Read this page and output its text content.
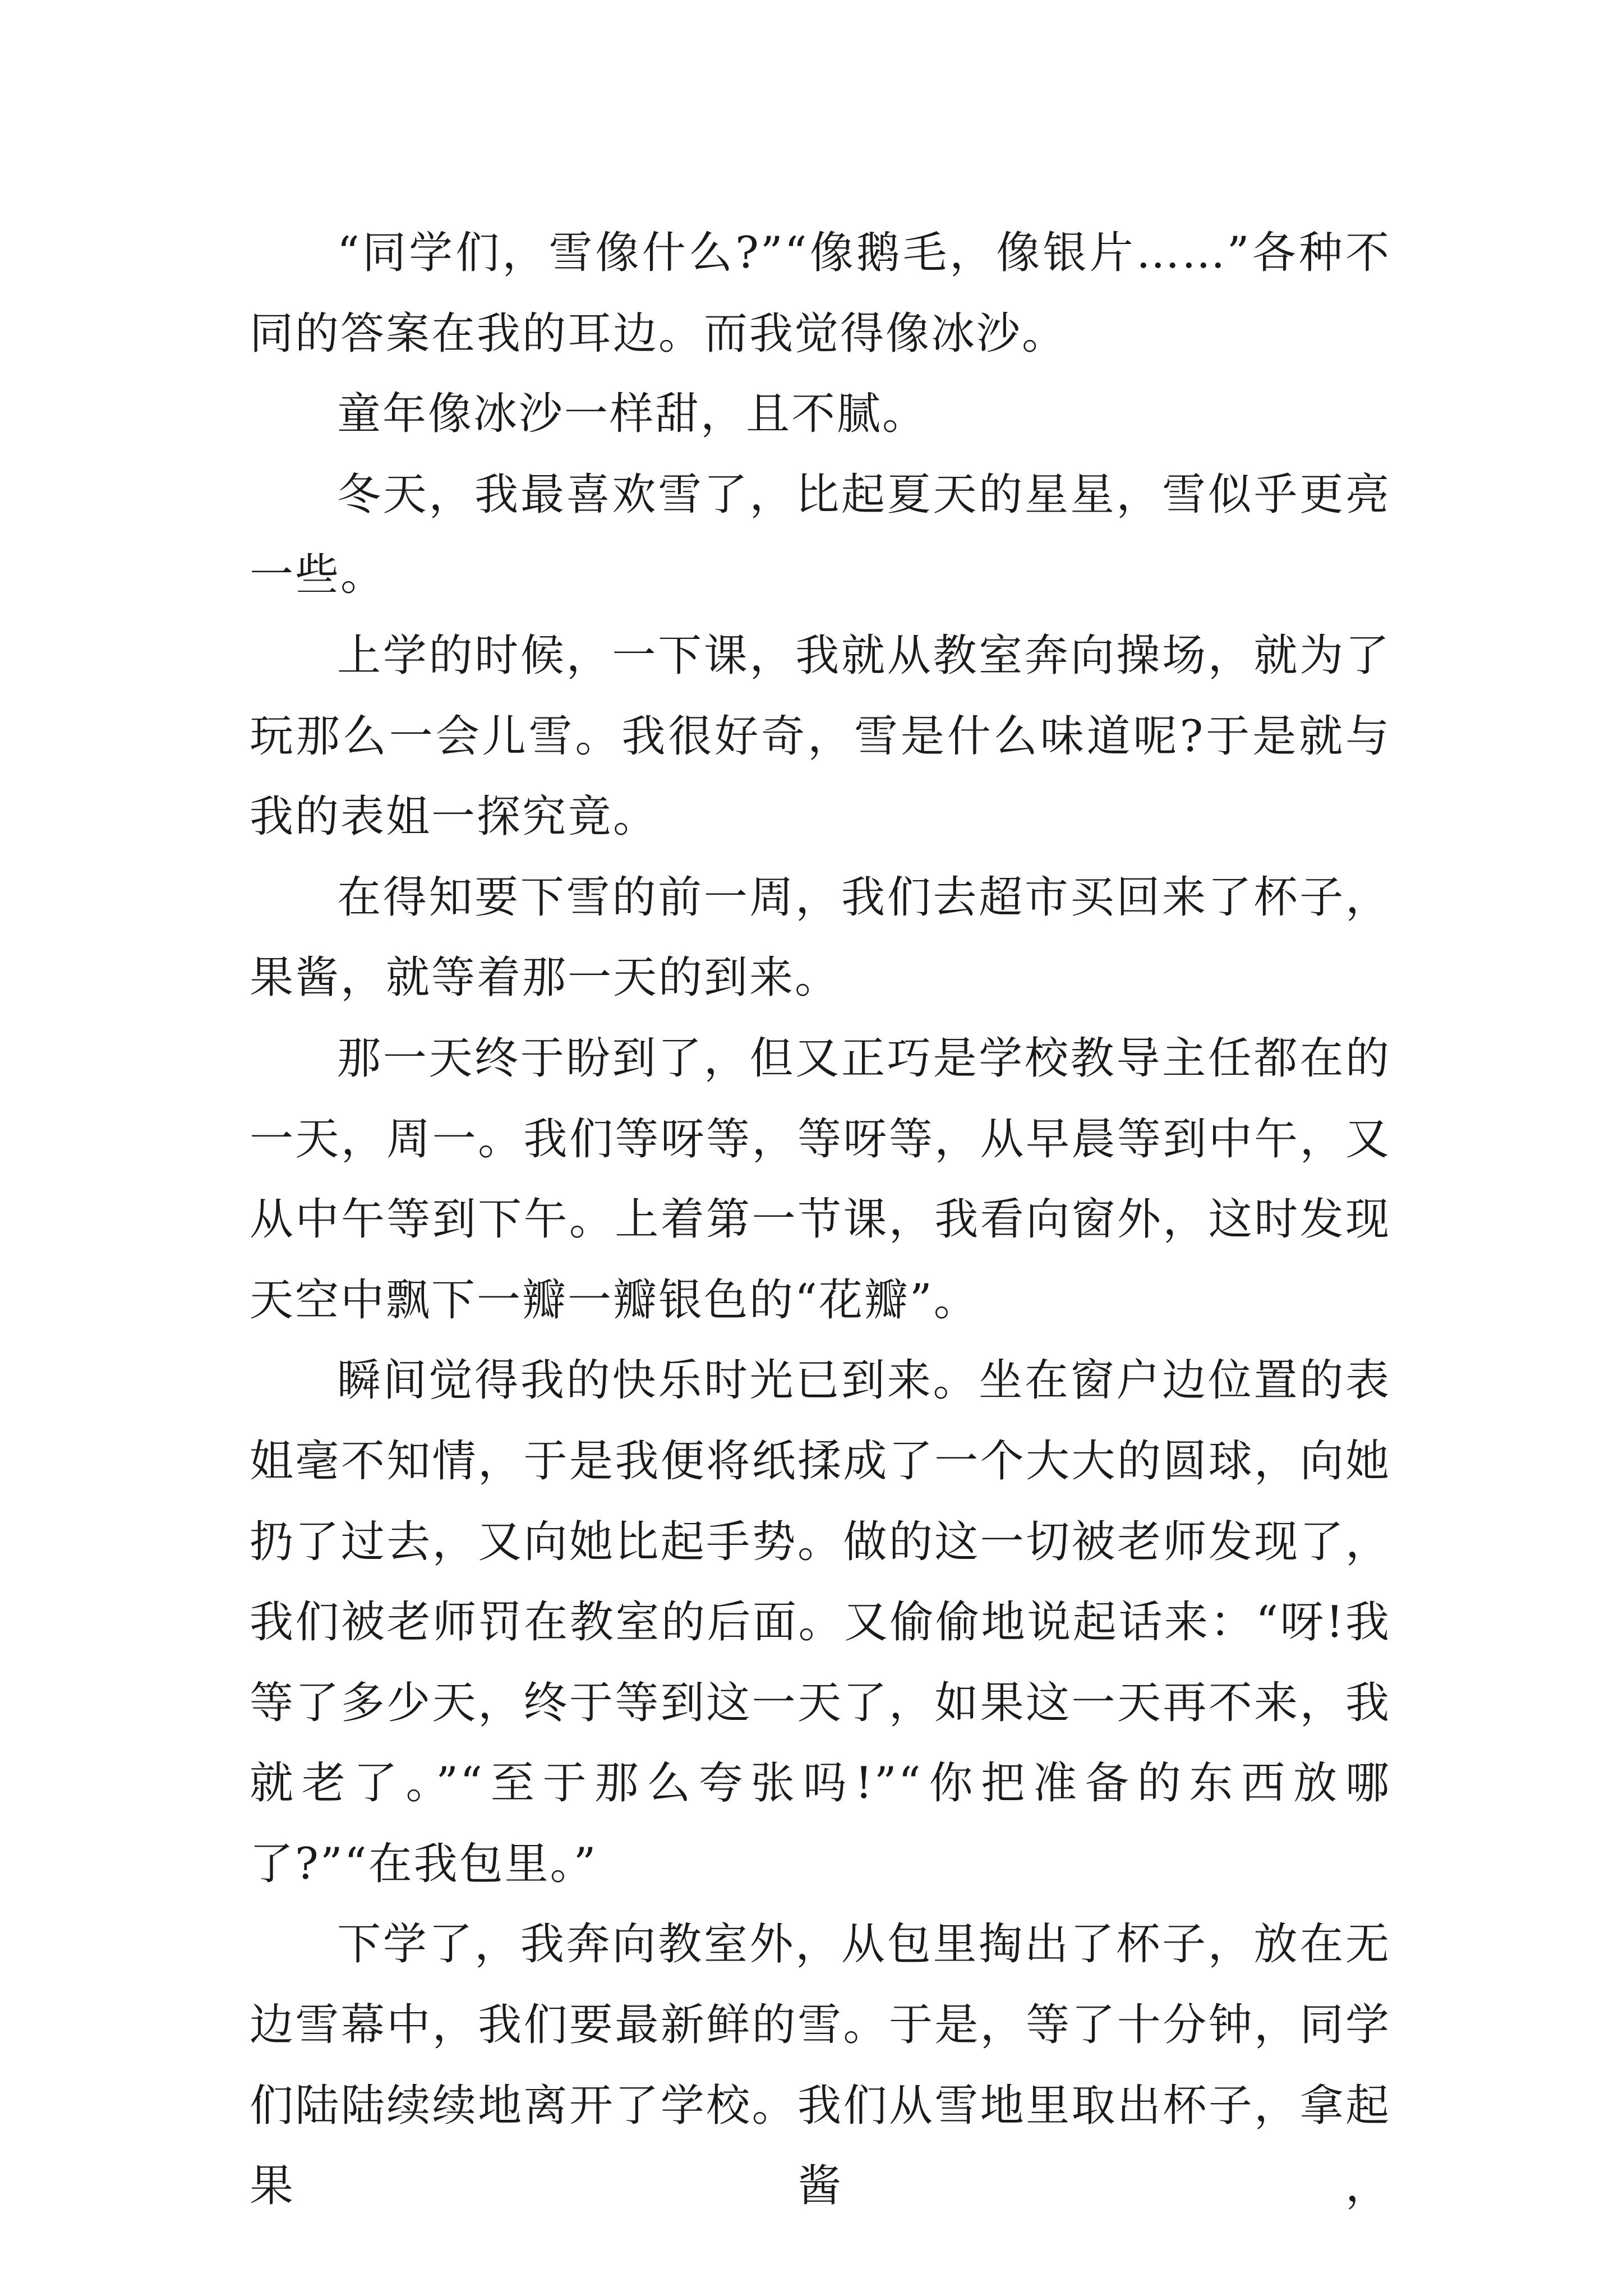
“同学们，雪像什么?”“像鹅毛，像银片……”各种不同的答案在我的耳边。而我觉得像冰沙。

童年像冰沙一样甜，且不腻。

冬天，我最喜欢雪了，比起夏天的星星，雪似乎更亮一些。

上学的时候，一下课，我就从教室奔向操场，就为了玩那么一会儿雪。我很好奇，雪是什么味道呢?于是就与我的表姐一探究竟。

在得知要下雪的前一周，我们去超市买回来了杯子，果酱，就等着那一天的到来。

那一天终于盼到了，但又正巧是学校教导主任都在的一天，周一。我们等呀等，等呀等，从早晨等到中午，又从中午等到下午。上着第一节课，我看向窗外，这时发现天空中飘下一瓣一瓣银色的“花瓣”。

瞬间觉得我的快乐时光已到来。坐在窗户边位置的表姐毫不知情，于是我便将纸揉成了一个大大的圆球，向她扔了过去，又向她比起手势。做的这一切被老师发现了，我们被老师罚在教室的后面。又偷偷地说起话来：“呀!我等了多少天，终于等到这一天了，如果这一天再不来，我就老了。”“至于那么夸张吗!”“你把准备的东西放哪了?”“在我包里。”

下学了，我奔向教室外，从包里掏出了杯子，放在无边雪幕中，我们要最新鲜的雪。于是，等了十分钟，同学们陆陆续续地离开了学校。我们从雪地里取出杯子，拿起果酱，
